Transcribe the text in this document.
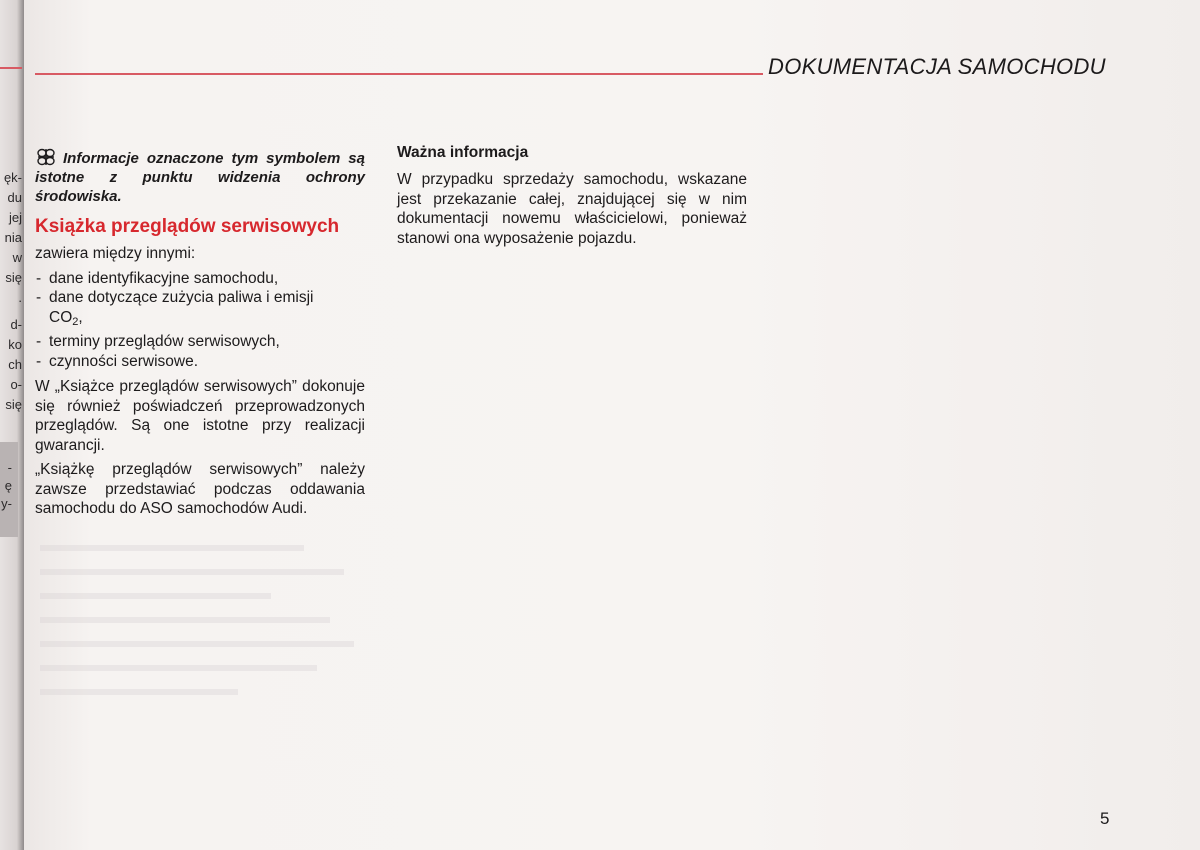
ęk-
du
jej
nia
w
się
.
d-
ko
ch
o-
się
-
ę
y-
DOKUMENTACJA SAMOCHODU

Informacje oznaczone tym symbolem są istotne z punktu widzenia ochrony środowiska.

Książka przeglądów serwisowych

zawiera między innymi:

- dane identyfikacyjne samochodu,
- dane dotyczące zużycia paliwa i emisji
$CO_2$,
- terminy przeglądów serwisowych,
- czynności serwisowe.

W „Książce przeglądów serwisowych” dokonuje się również poświadczeń przeprowadzonych przeglądów. Są one istotne przy realizacji gwarancji.

„Książkę przeglądów serwisowych” należy zawsze przedstawiać podczas oddawania samochodu do ASO samochodów Audi.

Ważna informacja

W przypadku sprzedaży samochodu, wskazane jest przekazanie całej, znajdującej się w nim dokumentacji nowemu właścicielowi, ponieważ stanowi ona wyposażenie pojazdu.

5
